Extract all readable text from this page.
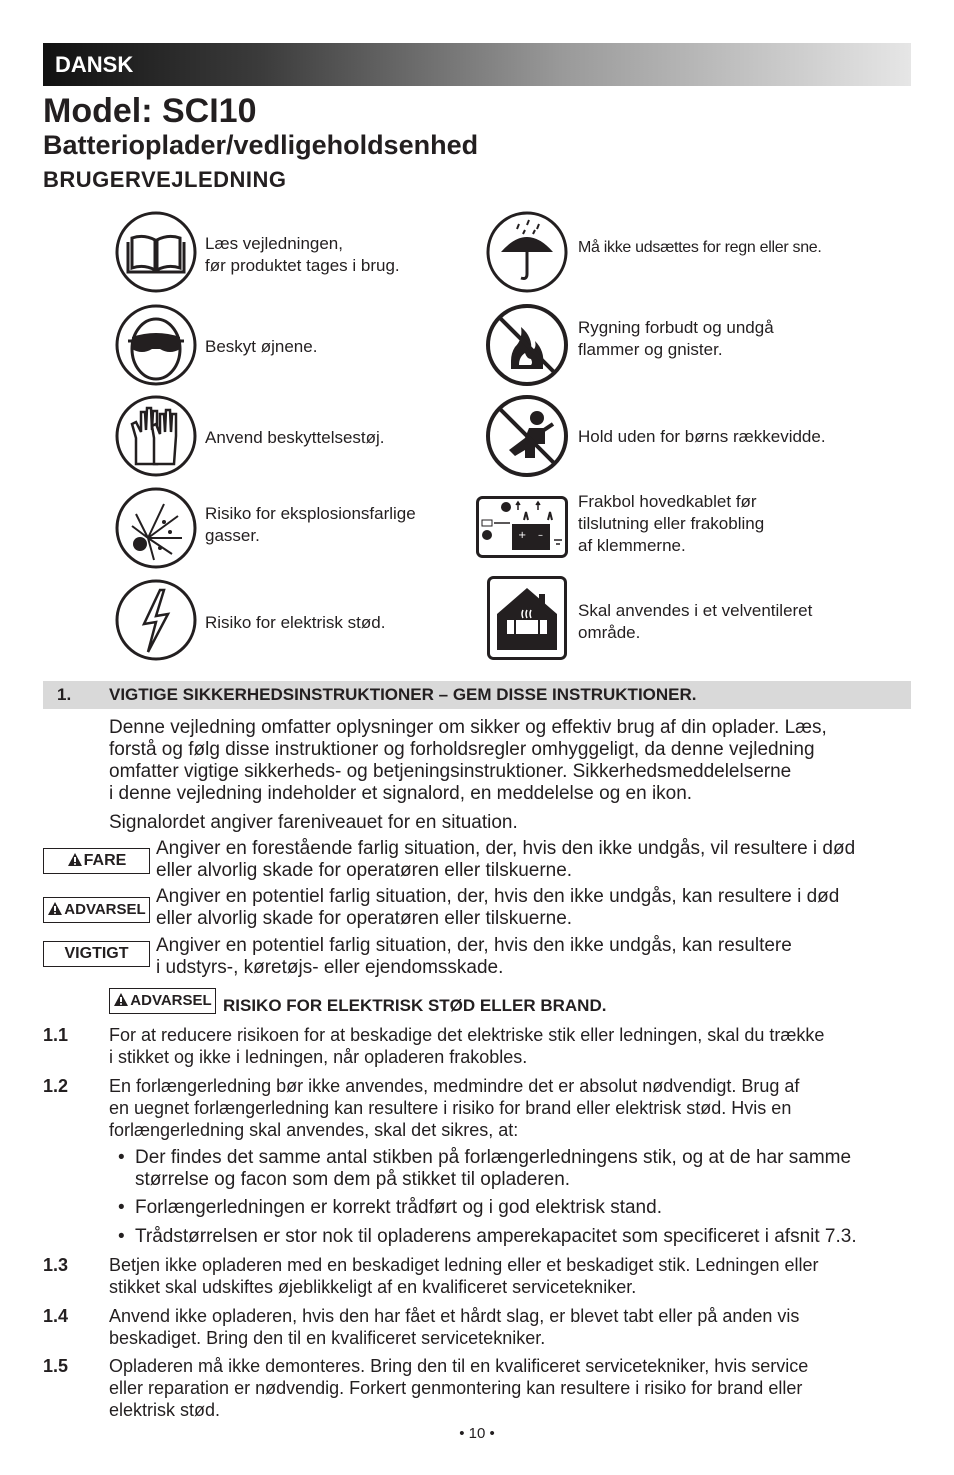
DANSK
Model: SCI10
Batterioplader/vedligeholdsenhed
BRUGERVEJLEDNING
Læs vejledningen,
før produktet tages i brug.
Beskyt øjnene.
Anvend beskyttelsestøj.
Risiko for eksplosionsfarlige
gasser.
Risiko for elektrisk stød.
Må ikke udsættes for regn eller sne.
Rygning forbudt og undgå
flammer og gnister.
Hold uden for børns rækkevidde.
+ –
Frakbol hovedkablet før
tilslutning eller frakobling
af klemmerne.
Skal anvendes i et velventileret
område.
1. VIGTIGE SIKKERHEDSINSTRUKTIONER – GEM DISSE INSTRUKTIONER.
Denne vejledning omfatter oplysninger om sikker og effektiv brug af din oplader. Læs,
forstå og følg disse instruktioner og forholdsregler omhyggeligt, da denne vejledning
omfatter vigtige sikkerheds- og betjeningsinstruktioner. Sikkerhedsmeddelelserne
i denne vejledning indeholder et signalord, en meddelelse og en ikon.
Signalordet angiver fareniveauet for en situation.
FARE
Angiver en forestående farlig situation, der, hvis den ikke undgås, vil resultere i død
eller alvorlig skade for operatøren eller tilskuerne.
ADVARSEL
Angiver en potentiel farlig situation, der, hvis den ikke undgås, kan resultere i død
eller alvorlig skade for operatøren eller tilskuerne.
VIGTIGT	Angiver en potentiel farlig situation, der, hvis den ikke undgås, kan resultere
i udstyrs-, køretøjs- eller ejendomsskade.
ADVARSEL RISIKO FOR ELEKTRISK STØD ELLER BRAND.
1.1 For at reducere risikoen for at beskadige det elektriske stik eller ledningen, skal du trække
i stikket og ikke i ledningen, når opladeren frakobles.
1.2 En forlængerledning bør ikke anvendes, medmindre det er absolut nødvendigt. Brug af
en uegnet forlængerledning kan resultere i risiko for brand eller elektrisk stød. Hvis en
forlængerledning skal anvendes, skal det sikres, at:
• Der findes det samme antal stikben på forlængerledningens stik, og at de har samme
størrelse og facon som dem på stikket til opladeren.
• Forlængerledningen er korrekt trådført og i god elektrisk stand.
• Trådstørrelsen er stor nok til opladerens amperekapacitet som specificeret i afsnit 7.3.
1.3 Betjen ikke opladeren med en beskadiget ledning eller et beskadiget stik. Ledningen eller
stikket skal udskiftes øjeblikkeligt af en kvalificeret servicetekniker.
1.4 Anvend ikke opladeren, hvis den har fået et hårdt slag, er blevet tabt eller på anden vis
beskadiget. Bring den til en kvalificeret servicetekniker.
1.5 Opladeren må ikke demonteres. Bring den til en kvalificeret servicetekniker, hvis service
eller reparation er nødvendig. Forkert genmontering kan resultere i risiko for brand eller
elektrisk stød.
• 10 •
